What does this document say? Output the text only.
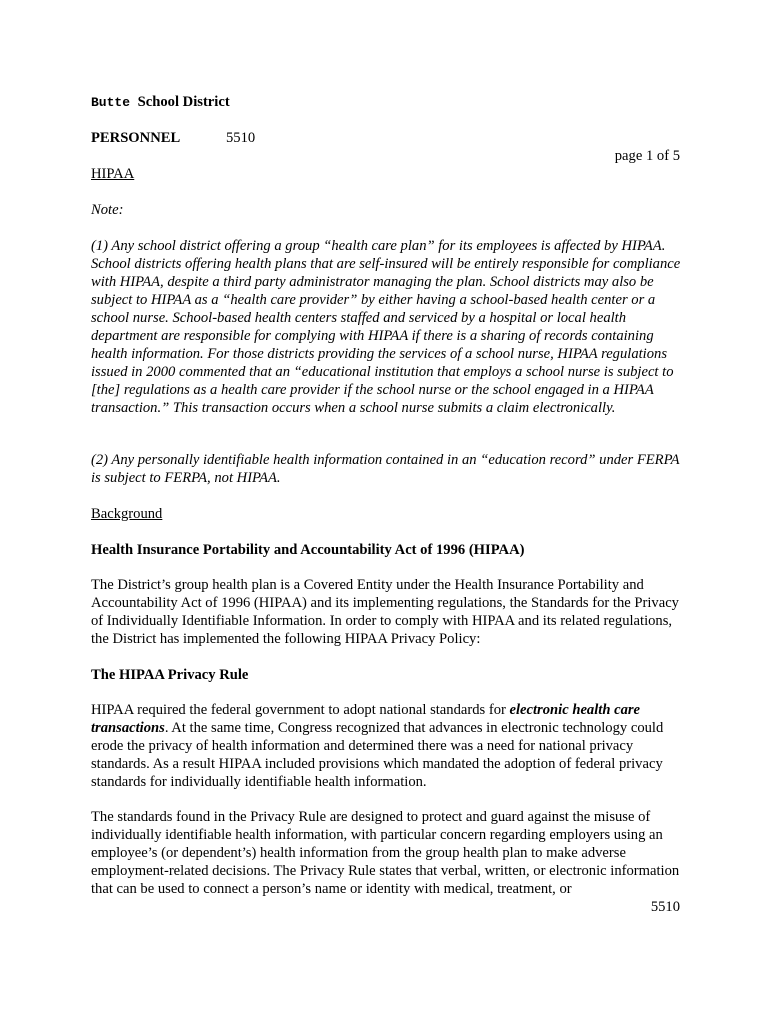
Butte School District
PERSONNEL	5510
page 1 of 5
HIPAA
Note:

(1) Any school district offering a group “health care plan” for its employees is affected by HIPAA. School districts offering health plans that are self-insured will be entirely responsible for compliance with HIPAA, despite a third party administrator managing the plan. School districts may also be subject to HIPAA as a “health care provider” by either having a school-based health center or a school nurse. School-based health centers staffed and serviced by a hospital or local health department are responsible for complying with HIPAA if there is a sharing of records containing health information. For those districts providing the services of a school nurse, HIPAA regulations issued in 2000 commented that an “educational institution that employs a school nurse is subject to [the] regulations as a health care provider if the school nurse or the school engaged in a HIPAA transaction.” This transaction occurs when a school nurse submits a claim electronically.

(2) Any personally identifiable health information contained in an “education record” under FERPA is subject to FERPA, not HIPAA.

Background
Health Insurance Portability and Accountability Act of 1996 (HIPAA)

The District’s group health plan is a Covered Entity under the Health Insurance Portability and Accountability Act of 1996 (HIPAA) and its implementing regulations, the Standards for the Privacy of Individually Identifiable Information. In order to comply with HIPAA and its related regulations, the District has implemented the following HIPAA Privacy Policy:

The HIPAA Privacy Rule

HIPAA required the federal government to adopt national standards for electronic health care transactions. At the same time, Congress recognized that advances in electronic technology could erode the privacy of health information and determined there was a need for national privacy standards. As a result HIPAA included provisions which mandated the adoption of federal privacy standards for individually identifiable health information.

The standards found in the Privacy Rule are designed to protect and guard against the misuse of individually identifiable health information, with particular concern regarding employers using an employee’s (or dependent’s) health information from the group health plan to make adverse employment-related decisions. The Privacy Rule states that verbal, written, or electronic information that can be used to connect a person’s name or identity with medical, treatment, or

5510
